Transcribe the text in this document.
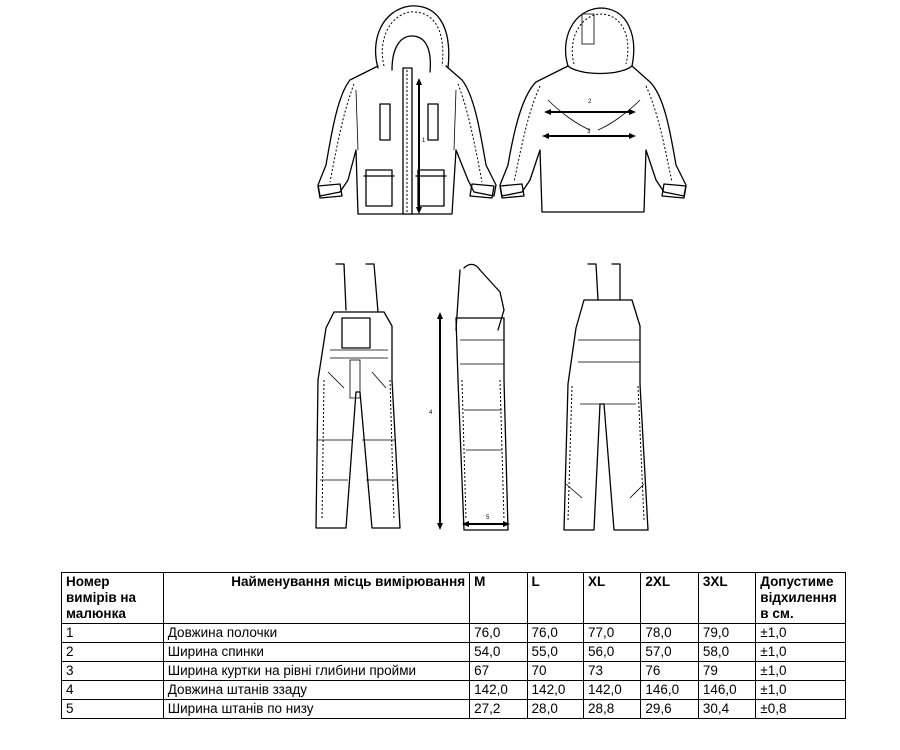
2
3
4
5
1
Номер вимірів на малюнка	Найменування місць вимірювання	M	L	XL	2XL	3XL	Допустиме відхилення в см.
1	Довжина полочки	76,0	76,0	77,0	78,0	79,0	±1,0
2	Ширина спинки	54,0	55,0	56,0	57,0	58,0	±1,0
3	Ширина куртки на рівні глибини пройми	67	70	73	76	79	±1,0
4	Довжина штанів ззаду	142,0	142,0	142,0	146,0	146,0	±1,0
5	Ширина штанів по низу	27,2	28,0	28,8	29,6	30,4	±0,8
